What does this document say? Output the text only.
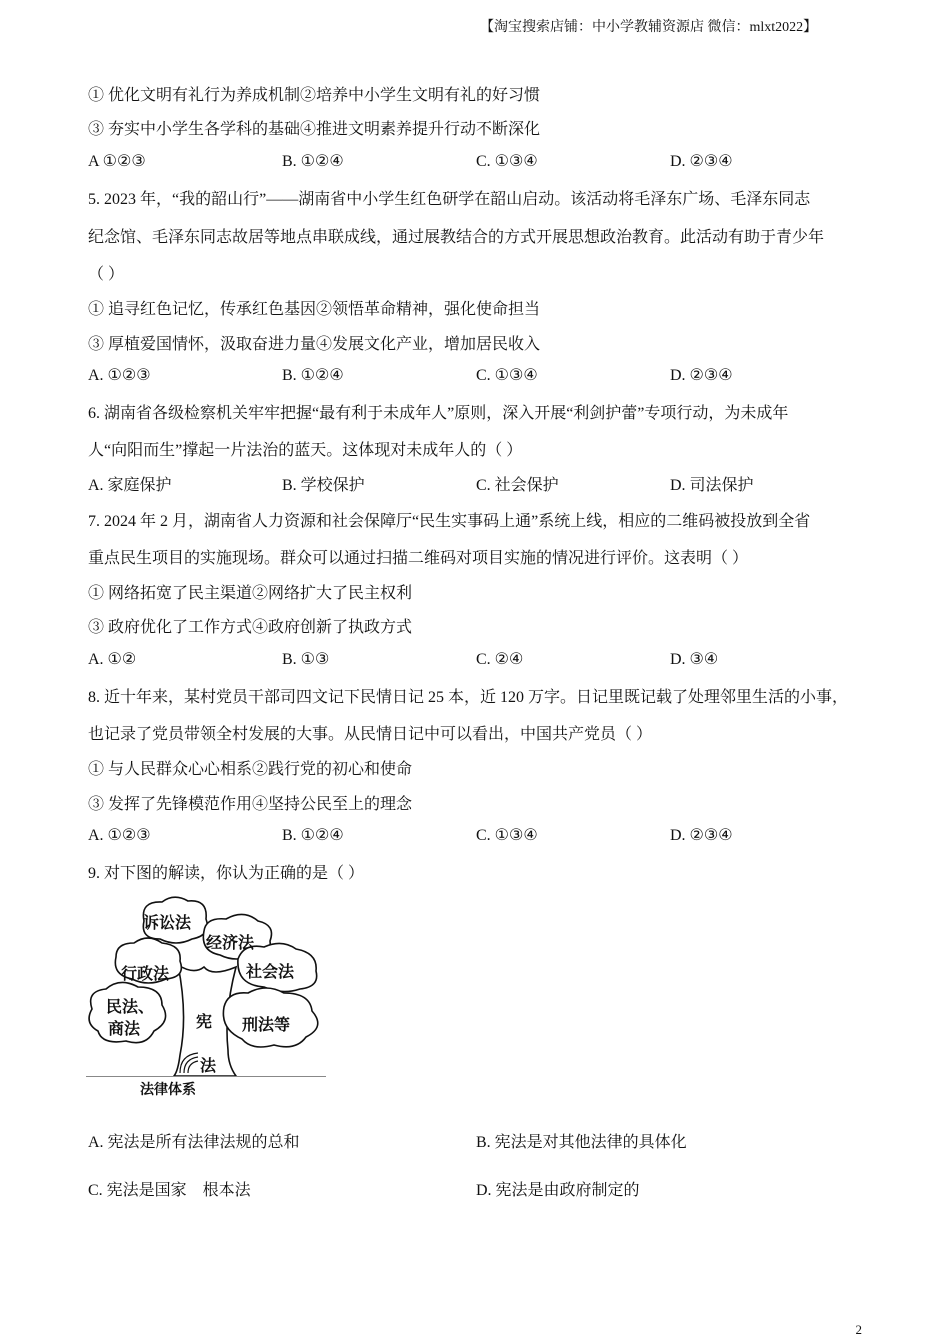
【淘宝搜索店铺：中小学教辅资源店 微信：mlxt2022】
① 优化文明有礼行为养成机制②培养中小学生文明有礼的好习惯
③ 夯实中小学生各学科的基础④推进文明素养提升行动不断深化
A ①②③	B. ①②④	C. ①③④	D. ②③④
5. 2023 年，“我的韶山行”——湖南省中小学生红色研学在韶山启动。该活动将毛泽东广场、毛泽东同志
纪念馆、毛泽东同志故居等地点串联成线，通过展教结合的方式开展思想政治教育。此活动有助于青少年
（ ）
① 追寻红色记忆，传承红色基因②领悟革命精神，强化使命担当
③ 厚植爱国情怀，汲取奋进力量④发展文化产业，增加居民收入
A. ①②③	B. ①②④	C. ①③④	D. ②③④
6. 湖南省各级检察机关牢牢把握“最有利于未成年人”原则，深入开展“利剑护蕾”专项行动，为未成年
人“向阳而生”撑起一片法治的蓝天。这体现对未成年人的（ ）
A. 家庭保护	B. 学校保护	C. 社会保护	D. 司法保护
7. 2024 年 2 月，湖南省人力资源和社会保障厅“民生实事码上通”系统上线，相应的二维码被投放到全省
重点民生项目的实施现场。群众可以通过扫描二维码对项目实施的情况进行评价。这表明（ ）
① 网络拓宽了民主渠道②网络扩大了民主权利
③ 政府优化了工作方式④政府创新了执政方式
A. ①②	B. ①③	C. ②④	D. ③④
8. 近十年来，某村党员干部司四文记下民情日记 25 本，近 120 万字。日记里既记载了处理邻里生活的小事，
也记录了党员带领全村发展的大事。从民情日记中可以看出，中国共产党员（ ）
① 与人民群众心心相系②践行党的初心和使命
③ 发挥了先锋模范作用④坚持公民至上的理念
A. ①②③	B. ①②④	C. ①③④	D. ②③④
9. 对下图的解读，你认为正确的是（ ）
诉讼法
经济法
行政法	社会法
民法、
商法	刑法等
宪
法
法律体系
A. 宪法是所有法律法规的总和	B. 宪法是对其他法律的具体化
C. 宪法是国家    根本法	D. 宪法是由政府制定的
2
